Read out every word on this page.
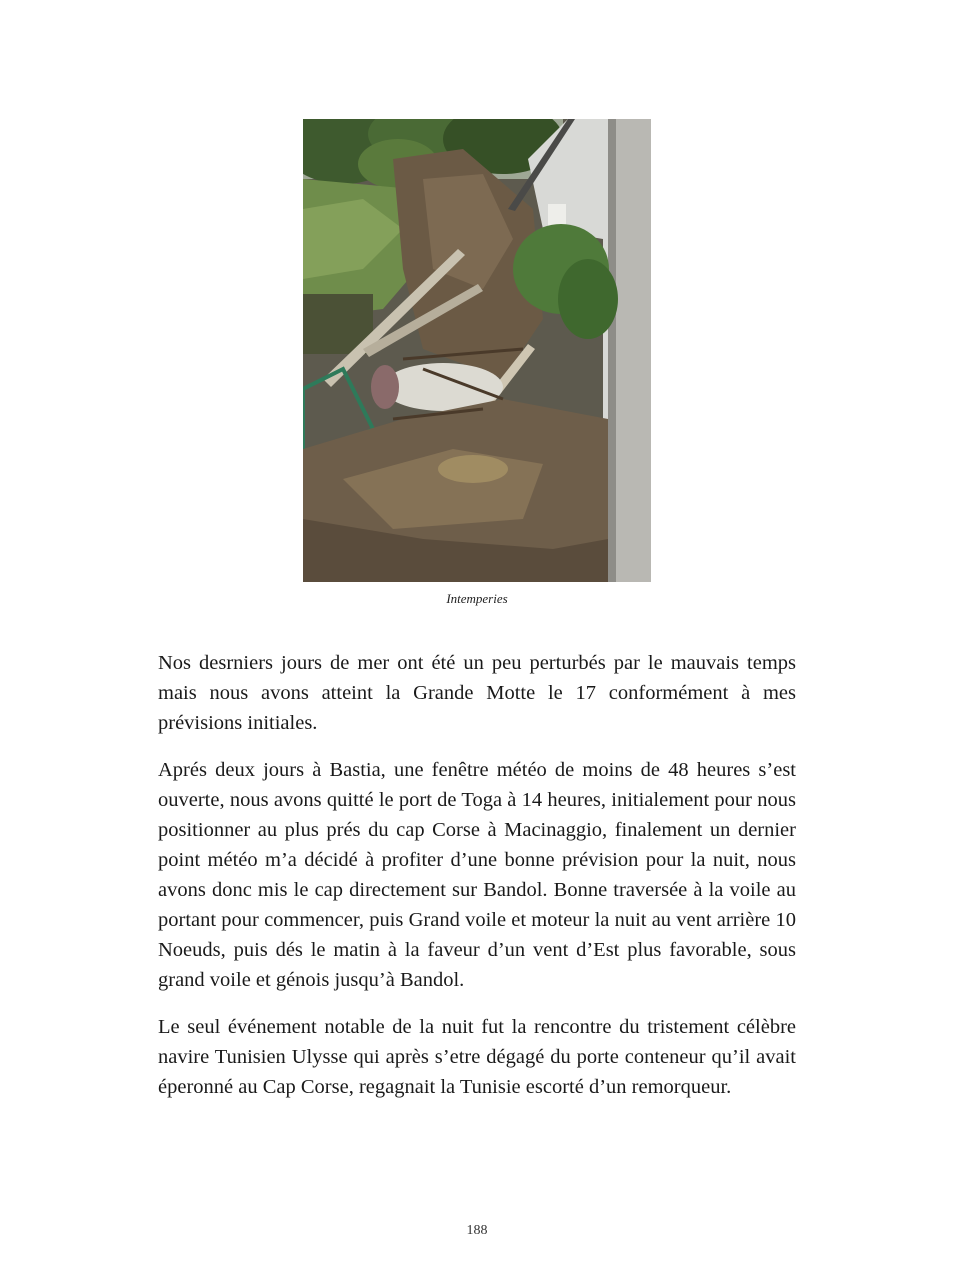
Intemperies

Nos desrniers jours de mer ont été un peu perturbés par le mauvais temps mais nous avons atteint la Grande Motte le 17 conformément à mes prévisions initiales.

Aprés deux jours à Bastia, une fenêtre météo de moins de 48 heures s’est ouverte, nous avons quitté le port de Toga à 14 heures, initialement pour nous positionner au plus prés du cap Corse à Macinaggio, finalement un dernier point météo m’a décidé à profiter d’une bonne prévision pour la nuit, nous avons donc mis le cap directement sur Bandol. Bonne traversée à la voile au portant pour commencer, puis Grand voile et moteur la nuit au vent arrière 10 Noeuds, puis dés le matin à la faveur d’un vent d’Est plus favorable, sous grand voile et génois jusqu’à Bandol.

Le seul événement notable de la nuit fut la rencontre du tristement célèbre navire Tunisien Ulysse qui après s’etre dégagé du porte conteneur qu’il avait éperonné au Cap Corse, regagnait la Tunisie escorté d’un remorqueur.

188
